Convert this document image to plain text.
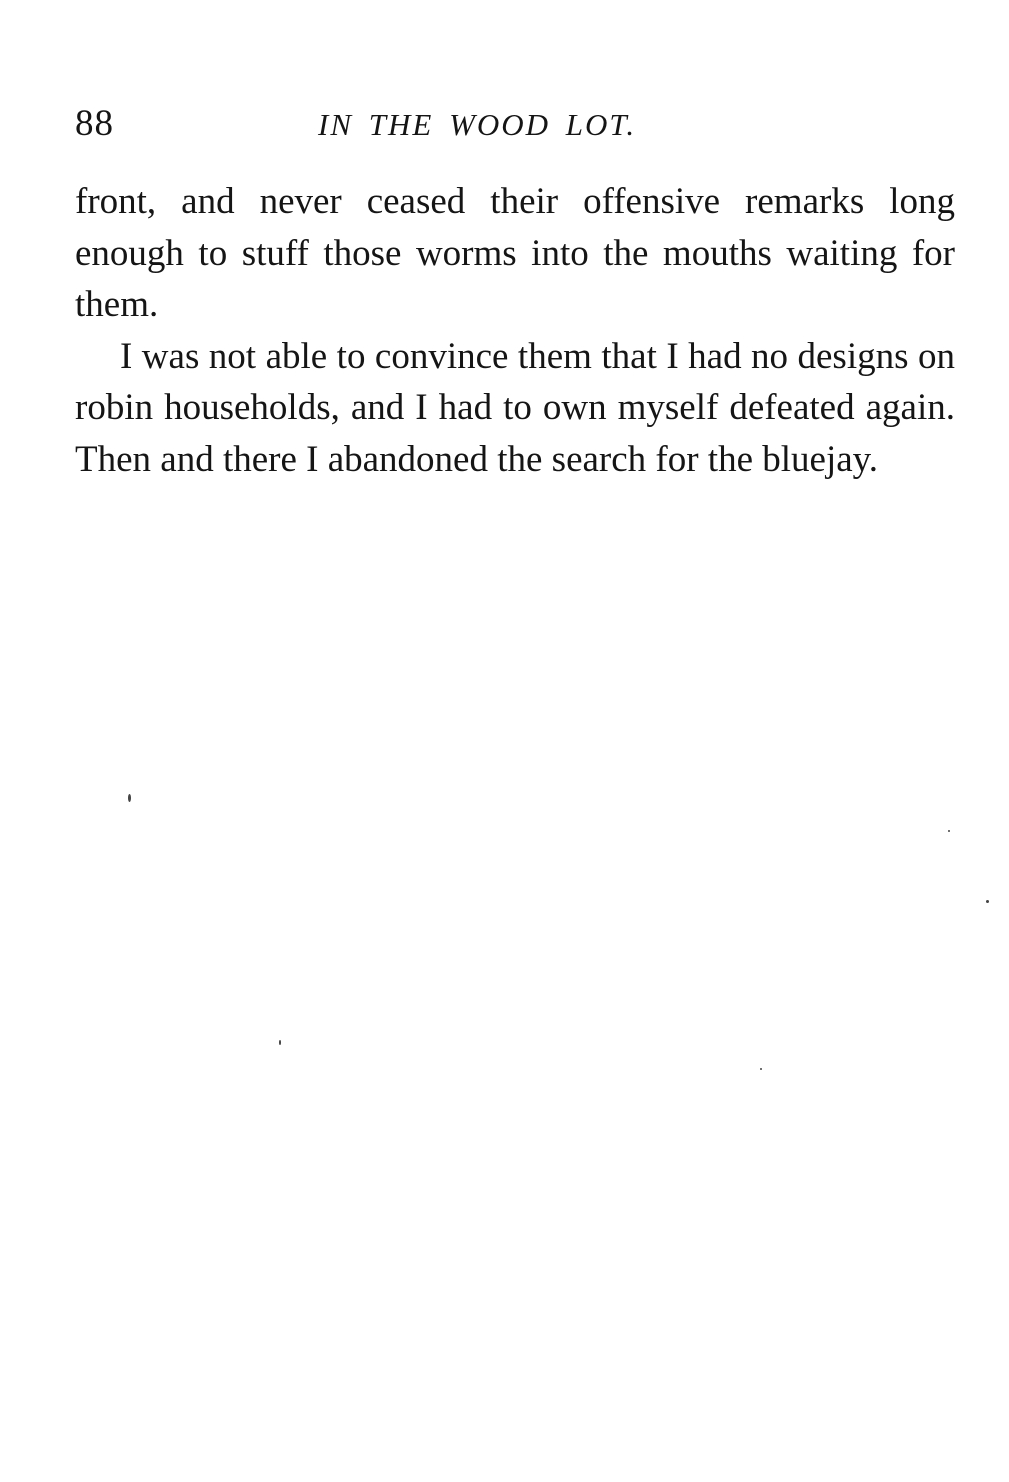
88	IN THE WOOD LOT.

front, and never ceased their offensive remarks long enough to stuff those worms into the mouths waiting for them.

I was not able to convince them that I had no designs on robin households, and I had to own myself defeated again. Then and there I abandoned the search for the bluejay.
